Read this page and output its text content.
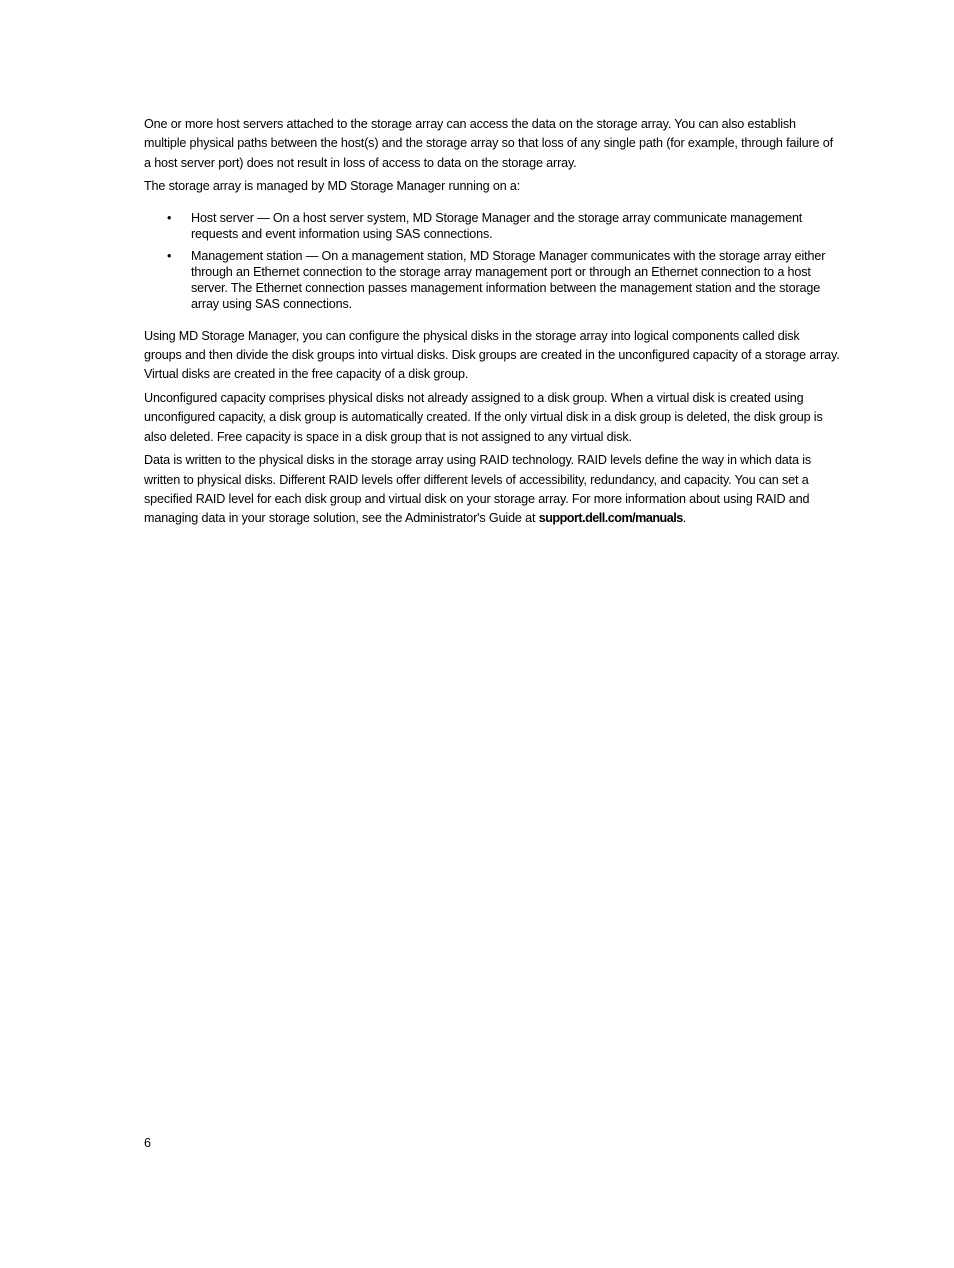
One or more host servers attached to the storage array can access the data on the storage array. You can also establish multiple physical paths between the host(s) and the storage array so that loss of any single path (for example, through failure of a host server port) does not result in loss of access to data on the storage array.

The storage array is managed by MD Storage Manager running on a:

• Host server — On a host server system, MD Storage Manager and the storage array communicate management requests and event information using SAS connections.
• Management station — On a management station, MD Storage Manager communicates with the storage array either through an Ethernet connection to the storage array management port or through an Ethernet connection to a host server. The Ethernet connection passes management information between the management station and the storage array using SAS connections.

Using MD Storage Manager, you can configure the physical disks in the storage array into logical components called disk groups and then divide the disk groups into virtual disks. Disk groups are created in the unconfigured capacity of a storage array. Virtual disks are created in the free capacity of a disk group.

Unconfigured capacity comprises physical disks not already assigned to a disk group. When a virtual disk is created using unconfigured capacity, a disk group is automatically created. If the only virtual disk in a disk group is deleted, the disk group is also deleted. Free capacity is space in a disk group that is not assigned to any virtual disk.

Data is written to the physical disks in the storage array using RAID technology. RAID levels define the way in which data is written to physical disks. Different RAID levels offer different levels of accessibility, redundancy, and capacity. You can set a specified RAID level for each disk group and virtual disk on your storage array. For more information about using RAID and managing data in your storage solution, see the Administrator's Guide at support.dell.com/manuals.

6
